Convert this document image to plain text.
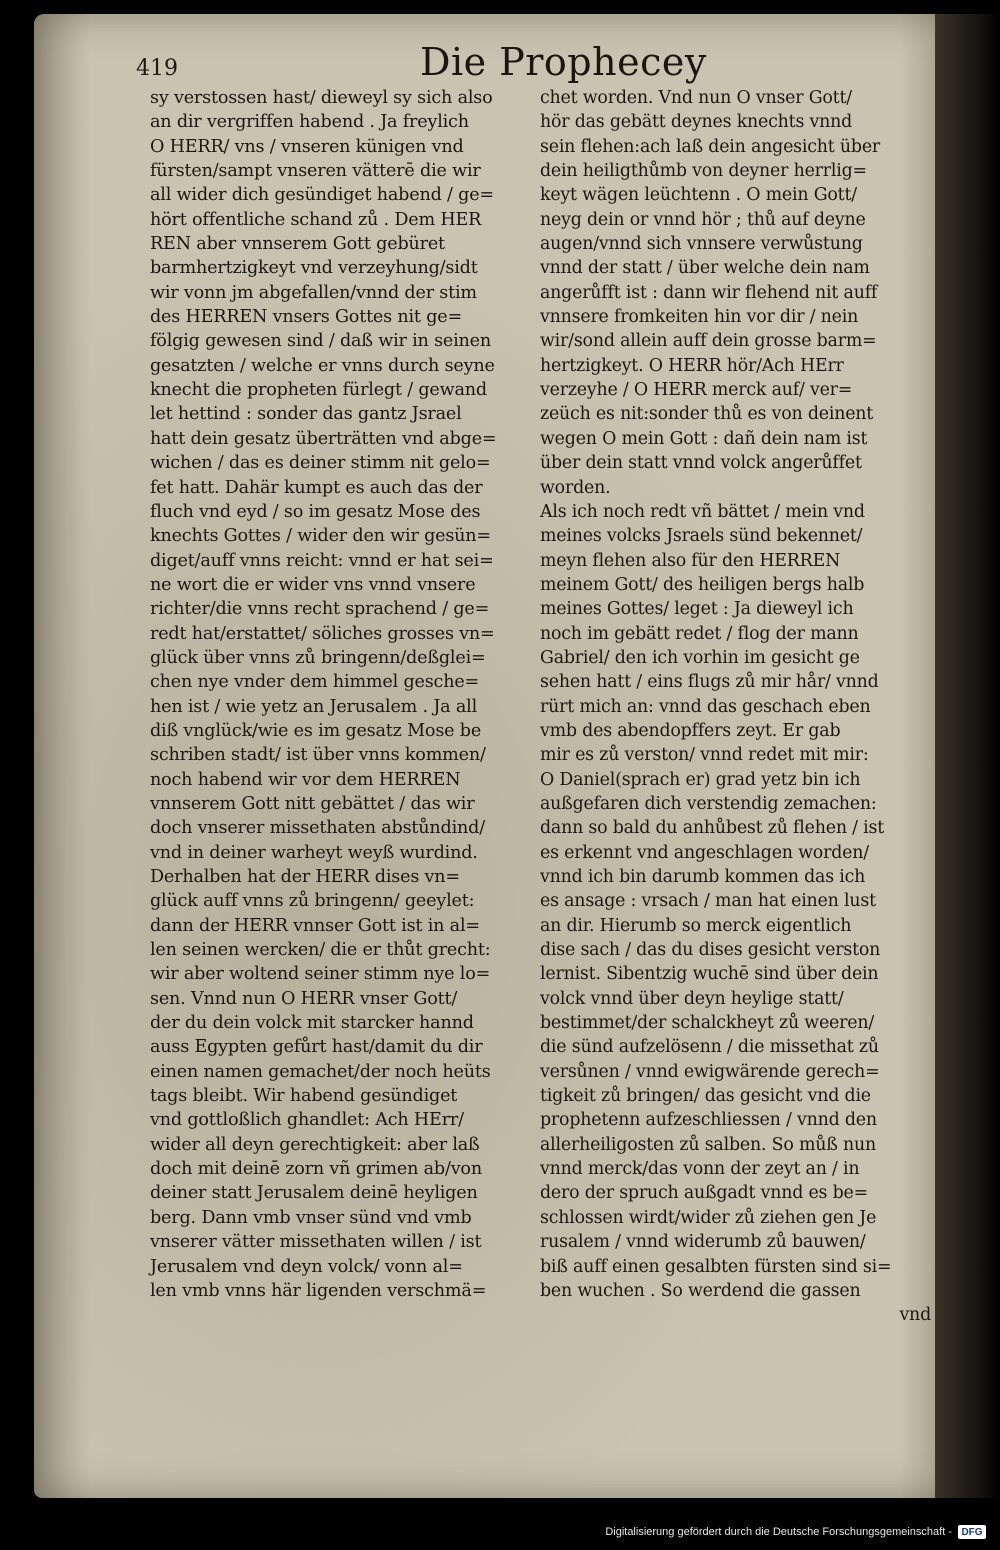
419	Die Prophecey
sy verstossen hast/ dieweyl sy sich also
an dir vergriffen habend . Ja freylich
O HERR/ vns / vnseren künigen vnd
fürsten/sampt vnseren vätterē die wir
all wider dich gesündiget habend / ge=
hört offentliche schand zů . Dem HER
REN aber vnnserem Gott gebüret
barmhertzigkeyt vnd verzeyhung/sidt
wir vonn jm abgefallen/vnnd der stim
des HERREN vnsers Gottes nit ge=
fölgig gewesen sind / daß wir in seinen
gesatzten / welche er vnns durch seyne
knecht die propheten fürlegt / gewand
let hettind : sonder das gantz Jsrael
hatt dein gesatz überträtten vnd abge=
wichen / das es deiner stimm nit gelo=
fet hatt. Dahär kumpt es auch das der
fluch vnd eyd / so im gesatz Mose des
knechts Gottes / wider den wir gesün=
diget/auff vnns reicht: vnnd er hat sei=
ne wort die er wider vns vnnd vnsere
richter/die vnns recht sprachend / ge=
redt hat/erstattet/ söliches grosses vn=
glück über vnns zů bringenn/deßglei=
chen nye vnder dem himmel gesche=
hen ist / wie yetz an Jerusalem . Ja all
diß vnglück/wie es im gesatz Mose be
schriben stadt/ ist über vnns kommen/
noch habend wir vor dem HERREN
vnnserem Gott nitt gebättet / das wir
doch vnserer missethaten abstůndind/
vnd in deiner warheyt weyß wurdind.
Derhalben hat der HERR dises vn=
glück auff vnns zů bringenn/ geeylet:
dann der HERR vnnser Gott ist in al=
len seinen wercken/ die er thůt grecht:
wir aber woltend seiner stimm nye lo=
sen. Vnnd nun O HERR vnser Gott/
der du dein volck mit starcker hannd
auss Egypten gefůrt hast/damit du dir
einen namen gemachet/der noch heüts
tags bleibt. Wir habend gesündiget
vnd gottloßlich ghandlet: Ach HErr/
wider all deyn gerechtigkeit: aber laß
doch mit deinē zorn vñ grimen ab/von
deiner statt Jerusalem deinē heyligen
berg. Dann vmb vnser sünd vnd vmb
vnserer vätter missethaten willen / ist
Jerusalem vnd deyn volck/ vonn al=
len vmb vnns här ligenden verschmä=
chet worden. Vnd nun O vnser Gott/
hör das gebätt deynes knechts vnnd
sein flehen:ach laß dein angesicht über
dein heiligthůmb von deyner herrlig=
keyt wägen leüchtenn . O mein Gott/
neyg dein or vnnd hör ; thů auf deyne
augen/vnnd sich vnnsere verwůstung
vnnd der statt / über welche dein nam
angerůfft ist : dann wir flehend nit auff
vnnsere fromkeiten hin vor dir / nein
wir/sond allein auff dein grosse barm=
hertzigkeyt. O HERR hör/Ach HErr
verzeyhe / O HERR merck auf/ ver=
zeüch es nit:sonder thů es von deinent
wegen O mein Gott : dañ dein nam ist
über dein statt vnnd volck angerůffet
worden.
Als ich noch redt vñ bättet / mein vnd
meines volcks Jsraels sünd bekennet/
meyn flehen also für den HERREN
meinem Gott/ des heiligen bergs halb
meines Gottes/ leget : Ja dieweyl ich
noch im gebätt redet / flog der mann
Gabriel/ den ich vorhin im gesicht ge
sehen hatt / eins flugs zů mir hår/ vnnd
rürt mich an: vnnd das geschach eben
vmb des abendopffers zeyt. Er gab
mir es zů verston/ vnnd redet mit mir:
O Daniel(sprach er) grad yetz bin ich
außgefaren dich verstendig zemachen:
dann so bald du anhůbest zů flehen / ist
es erkennt vnd angeschlagen worden/
vnnd ich bin darumb kommen das ich
es ansage : vrsach / man hat einen lust
an dir. Hierumb so merck eigentlich
dise sach / das du dises gesicht verston
lernist. Sibentzig wuchē sind über dein
volck vnnd über deyn heylige statt/
bestimmet/der schalckheyt zů weeren/
die sünd aufzelösenn / die missethat zů
versůnen / vnnd ewigwärende gerech=
tigkeit zů bringen/ das gesicht vnd die
prophetenn aufzeschliessen / vnnd den
allerheiligosten zů salben. So můß nun
vnnd merck/das vonn der zeyt an / in
dero der spruch außgadt vnnd es be=
schlossen wirdt/wider zů ziehen gen Je
rusalem / vnnd widerumb zů bauwen/
biß auff einen gesalbten fürsten sind si=
ben wuchen . So werdend die gassen
vnd
Digitalisierung gefördert durch die Deutsche Forschungsgemeinschaft - DFG
